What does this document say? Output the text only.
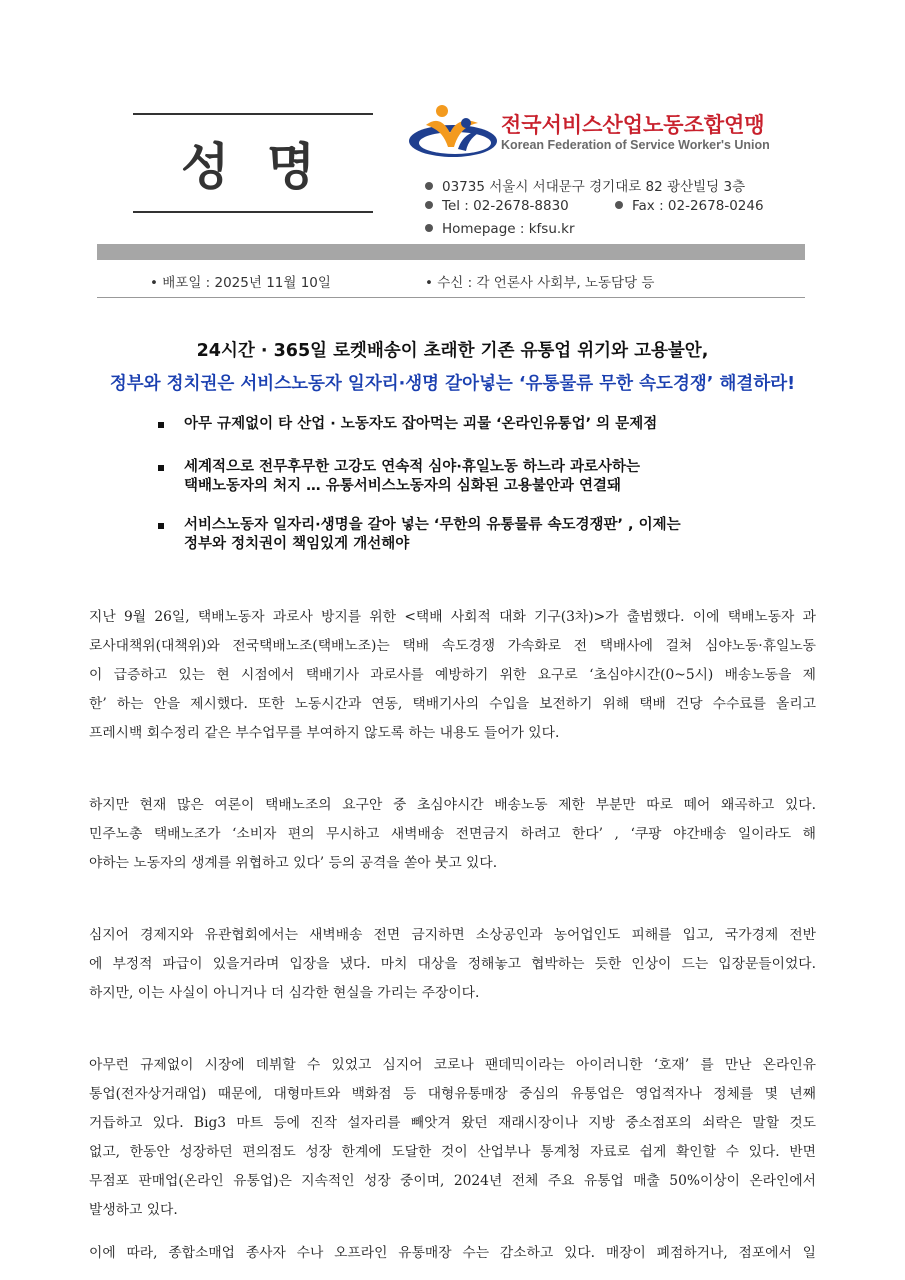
성 명
전국서비스산업노동조합연맹
Korean Federation of Service Worker's Union
03735 서울시 서대문구 경기대로 82 광산빌딩 3층
Tel : 02-2678-8830	Fax : 02-2678-0246
Homepage : kfsu.kr
• 배포일 : 2025년 11월 10일	• 수신 : 각 언론사 사회부, 노동담당 등
24시간 · 365일 로켓배송이 초래한 기존 유통업 위기와 고용불안,
정부와 정치권은 서비스노동자 일자리·생명 갈아넣는 ‘유통물류 무한 속도경쟁’ 해결하라!
아무 규제없이 타 산업 · 노동자도 잡아먹는 괴물 ‘온라인유통업’ 의 문제점
세계적으로 전무후무한 고강도 연속적 심야·휴일노동 하느라 과로사하는
택배노동자의 처지 … 유통서비스노동자의 심화된 고용불안과 연결돼
서비스노동자 일자리·생명을 갈아 넣는 ‘무한의 유통물류 속도경쟁판’ , 이제는
정부와 정치권이 책임있게 개선해야
지난 9월 26일, 택배노동자 과로사 방지를 위한 <택배 사회적 대화 기구(3차)>가 출범했다. 이에 택배노동자 과
로사대책위(대책위)와 전국택배노조(택배노조)는 택배 속도경쟁 가속화로 전 택배사에 걸쳐 심야노동·휴일노동
이 급증하고 있는 현 시점에서 택배기사 과로사를 예방하기 위한 요구로 ‘초심야시간(0~5시) 배송노동을 제
한’ 하는 안을 제시했다. 또한 노동시간과 연동, 택배기사의 수입을 보전하기 위해 택배 건당 수수료를 올리고
프레시백 회수정리 같은 부수업무를 부여하지 않도록 하는 내용도 들어가 있다.
하지만 현재 많은 여론이 택배노조의 요구안 중 초심야시간 배송노동 제한 부분만 따로 떼어 왜곡하고 있다.
민주노총 택배노조가 ‘소비자 편의 무시하고 새벽배송 전면금지 하려고 한다’ , ‘쿠팡 야간배송 일이라도 해
야하는 노동자의 생계를 위협하고 있다’ 등의 공격을 쏟아 붓고 있다.
심지어 경제지와 유관협회에서는 새벽배송 전면 금지하면 소상공인과 농어업인도 피해를 입고, 국가경제 전반
에 부정적 파급이 있을거라며 입장을 냈다. 마치 대상을 정해놓고 협박하는 듯한 인상이 드는 입장문들이었다.
하지만, 이는 사실이 아니거나 더 심각한 현실을 가리는 주장이다.
아무런 규제없이 시장에 데뷔할 수 있었고 심지어 코로나 팬데믹이라는 아이러니한 ‘호재’ 를 만난 온라인유
통업(전자상거래업) 때문에, 대형마트와 백화점 등 대형유통매장 중심의 유통업은 영업적자나 정체를 몇 년째
거듭하고 있다. Big3 마트 등에 진작 설자리를 빼앗겨 왔던 재래시장이나 지방 중소점포의 쇠락은 말할 것도
없고, 한동안 성장하던 편의점도 성장 한계에 도달한 것이 산업부나 통계청 자료로 쉽게 확인할 수 있다. 반면
무점포 판매업(온라인 유통업)은 지속적인 성장 중이며, 2024년 전체 주요 유통업 매출 50%이상이 온라인에서
발생하고 있다.
이에 따라, 종합소매업 종사자 수나 오프라인 유통매장 수는 감소하고 있다. 매장이 폐점하거나, 점포에서 일
